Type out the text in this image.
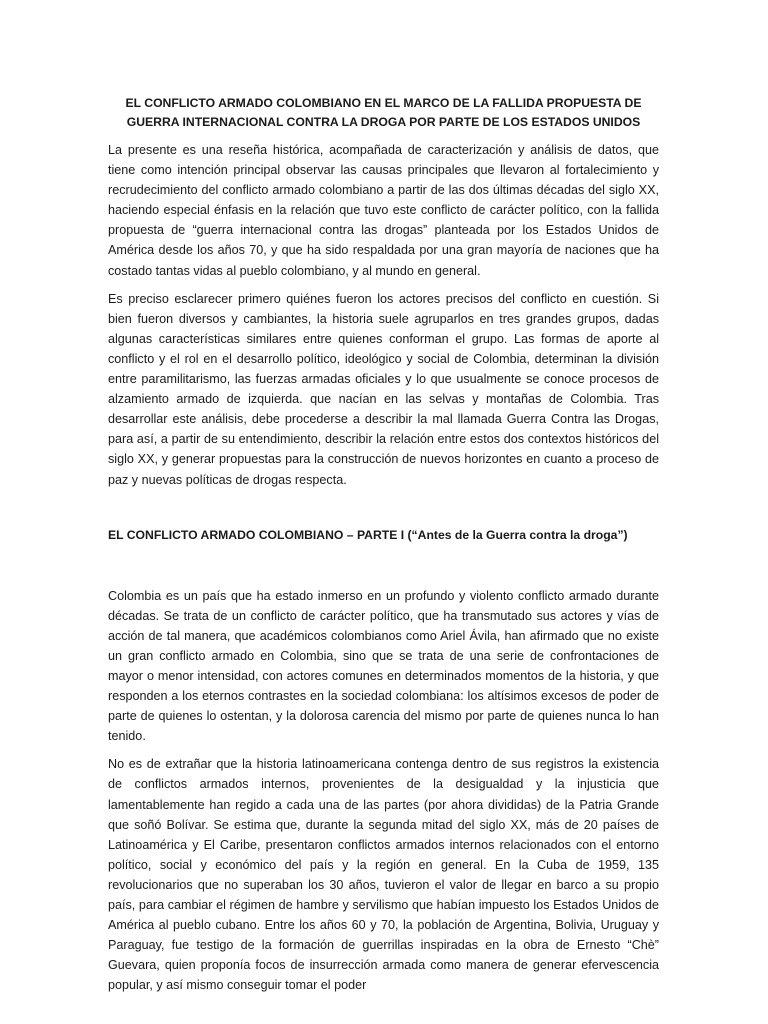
EL CONFLICTO ARMADO COLOMBIANO EN EL MARCO DE LA FALLIDA PROPUESTA DE GUERRA INTERNACIONAL CONTRA LA DROGA POR PARTE DE LOS ESTADOS UNIDOS

La presente es una reseña histórica, acompañada de caracterización y análisis de datos, que tiene como intención principal observar las causas principales que llevaron al fortalecimiento y recrudecimiento del conflicto armado colombiano a partir de las dos últimas décadas del siglo XX, haciendo especial énfasis en la relación que tuvo este conflicto de carácter político, con la fallida propuesta de “guerra internacional contra las drogas” planteada por los Estados Unidos de América desde los años 70, y que ha sido respaldada por una gran mayoría de naciones que ha costado tantas vidas al pueblo colombiano, y al mundo en general.

Es preciso esclarecer primero quiénes fueron los actores precisos del conflicto en cuestión. Si bien fueron diversos y cambiantes, la historia suele agruparlos en tres grandes grupos, dadas algunas características similares entre quienes conforman el grupo. Las formas de aporte al conflicto y el rol en el desarrollo político, ideológico y social de Colombia, determinan la división entre paramilitarismo, las fuerzas armadas oficiales y lo que usualmente se conoce procesos de alzamiento armado de izquierda. que nacían en las selvas y montañas de Colombia. Tras desarrollar este análisis, debe procederse a describir la mal llamada Guerra Contra las Drogas, para así, a partir de su entendimiento, describir la relación entre estos dos contextos históricos del siglo XX, y generar propuestas para la construcción de nuevos horizontes en cuanto a proceso de paz y nuevas políticas de drogas respecta.

EL CONFLICTO ARMADO COLOMBIANO – PARTE I (“Antes de la Guerra contra la droga”)

Colombia es un país que ha estado inmerso en un profundo y violento conflicto armado durante décadas. Se trata de un conflicto de carácter político, que ha transmutado sus actores y vías de acción de tal manera, que académicos colombianos como Ariel Ávila, han afirmado que no existe un gran conflicto armado en Colombia, sino que se trata de una serie de confrontaciones de mayor o menor intensidad, con actores comunes en determinados momentos de la historia, y que responden a los eternos contrastes en la sociedad colombiana: los altísimos excesos de poder de parte de quienes lo ostentan, y la dolorosa carencia del mismo por parte de quienes nunca lo han tenido.

No es de extrañar que la historia latinoamericana contenga dentro de sus registros la existencia de conflictos armados internos, provenientes de la desigualdad y la injusticia que lamentablemente han regido a cada una de las partes (por ahora divididas) de la Patria Grande que soñó Bolívar. Se estima que, durante la segunda mitad del siglo XX, más de 20 países de Latinoamérica y El Caribe, presentaron conflictos armados internos relacionados con el entorno político, social y económico del país y la región en general. En la Cuba de 1959, 135 revolucionarios que no superaban los 30 años, tuvieron el valor de llegar en barco a su propio país, para cambiar el régimen de hambre y servilismo que habían impuesto los Estados Unidos de América al pueblo cubano. Entre los años 60 y 70, la población de Argentina, Bolivia, Uruguay y Paraguay, fue testigo de la formación de guerrillas inspiradas en la obra de Ernesto “Chè” Guevara, quien proponía focos de insurrección armada como manera de generar efervescencia popular, y así mismo conseguir tomar el poder
